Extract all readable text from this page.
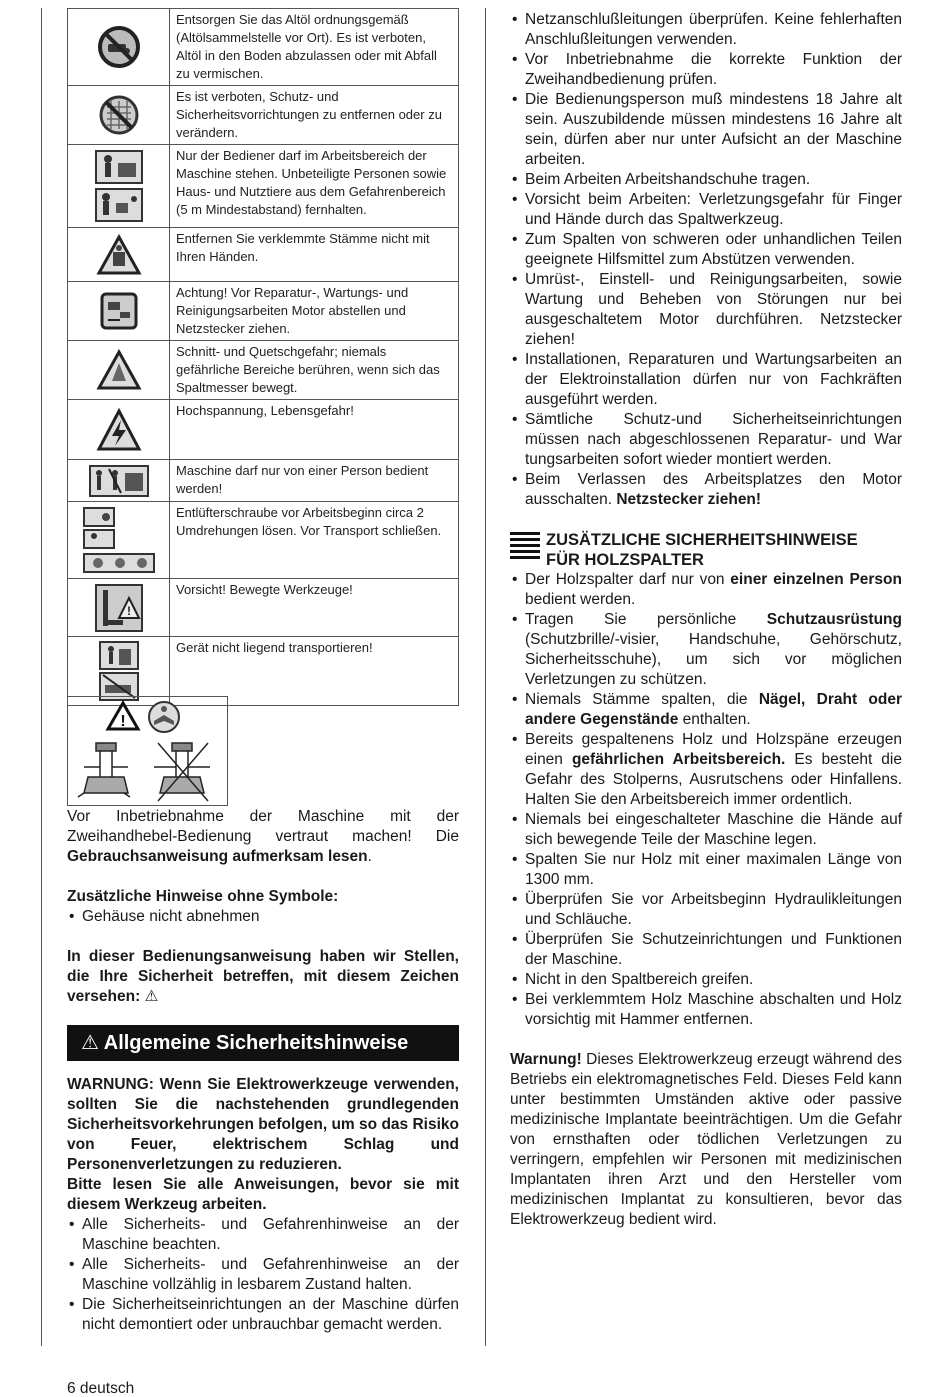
	Entsorgen Sie das Altöl ordnungsgemäß (Altölsammelstelle vor Ort). Es ist verboten, Altöl in den Boden abzulassen oder mit Abfall zu vermischen.

	Es ist verboten, Schutz- und Sicherheitsvorrichtungen zu entfernen oder zu verändern.

	Nur der Bediener darf im Arbeitsbereich der Maschine stehen. Unbeteiligte Personen sowie Haus- und Nutztiere aus dem Gefahrenbereich (5 m Mindestabstand) fernhalten.

	Entfernen Sie verklemmte Stämme nicht mit Ihren Händen.

	Achtung! Vor Reparatur-, Wartungs- und Reinigungsarbeiten Motor abstellen und Netzstecker ziehen.

	Schnitt- und Quetschgefahr; niemals gefährliche Bereiche berühren, wenn sich das Spaltmesser bewegt.

	Hochspannung, Lebensgefahr!

	Maschine darf nur von einer Person bedient werden!

	Entlüfterschraube vor Arbeitsbeginn circa 2 Umdrehungen lösen. Vor Transport schließen.

!	Vorsicht! Bewegte Werkzeuge!

	Gerät nicht liegend transportieren!
!

Vor Inbetriebnahme der Maschine mit der Zweihandhebel-Bedienung vertraut machen! Die Gebrauchsanweisung aufmerksam lesen.

Zusätzliche Hinweise ohne Symbole:

• Gehäuse nicht abnehmen

In dieser Bedienungsanweisung haben wir Stellen, die Ihre Sicherheit betreffen, mit diesem Zeichen versehen: ⚠

⚠ Allgemeine Sicherheitshinweise

WARNUNG: Wenn Sie Elektrowerkzeuge verwenden, sollten Sie die nachstehenden grundlegenden Sicherheitsvorkehrungen befolgen, um so das Risiko von Feuer, elektrischem Schlag und Personenverletzungen zu reduzieren.

Bitte lesen Sie alle Anweisungen, bevor sie mit diesem Werkzeug arbeiten.

• Alle Sicherheits- und Gefahrenhinweise an der Maschine beachten.
• Alle Sicherheits- und Gefahrenhinweise an der Maschine vollzählig in lesbarem Zustand halten.
• Die Sicherheitseinrichtungen an der Maschine dürfen nicht demontiert oder unbrauchbar gemacht werden.
• Netzanschlußleitungen überprüfen. Keine fehlerhaften Anschlußleitungen verwenden.
• Vor Inbetriebnahme die korrekte Funktion der Zweihandbedienung prüfen.
• Die Bedienungsperson muß mindestens 18 Jahre alt sein. Auszubildende müssen mindestens 16 Jahre alt sein, dürfen aber nur unter Aufsicht an der Maschine arbeiten.
• Beim Arbeiten Arbeitshandschuhe tragen.
• Vorsicht beim Arbeiten: Verletzungsgefahr für Finger und Hände durch das Spaltwerkzeug.
• Zum Spalten von schweren oder unhandlichen Teilen geeignete Hilfsmittel zum Abstützen verwenden.
• Umrüst-, Einstell- und Reinigungsarbeiten, sowie Wartung und Beheben von Störungen nur bei ausgeschaltetem Motor durchführen. Netzstecker ziehen!
• Installationen, Reparaturen und Wartungsarbeiten an der Elektroinstallation dürfen nur von Fachkräften ausgeführt werden.
• Sämtliche Schutz-und Sicherheitseinrichtungen müssen nach abgeschlossenen Reparatur- und War tungsarbeiten sofort wieder montiert werden.
• Beim Verlassen des Arbeitsplatzes den Motor ausschalten. Netzstecker ziehen!
ZUSÄTZLICHE SICHERHEITSHINWEISE
FÜR HOLZSPALTER
• Der Holzspalter darf nur von einer einzelnen Person bedient werden.
• Tragen Sie persönliche Schutzausrüstung (Schutzbrille/-visier, Handschuhe, Gehörschutz, Sicherheitsschuhe), um sich vor möglichen Verletzungen zu schützen.
• Niemals Stämme spalten, die Nägel, Draht oder andere Gegenstände enthalten.
• Bereits gespaltenens Holz und Holzspäne erzeugen einen gefährlichen Arbeitsbereich. Es besteht die Gefahr des Stolperns, Ausrutschens oder Hinfallens. Halten Sie den Arbeitsbereich immer ordentlich.
• Niemals bei eingeschalteter Maschine die Hände auf sich bewegende Teile der Maschine legen.
• Spalten Sie nur Holz mit einer maximalen Länge von 1300 mm.
• Überprüfen Sie vor Arbeitsbeginn Hydraulikleitungen und Schläuche.
• Überprüfen Sie Schutzeinrichtungen und Funktionen der Maschine.
• Nicht in den Spaltbereich greifen.
• Bei verklemmtem Holz Maschine abschalten und Holz vorsichtig mit Hammer entfernen.

Warnung! Dieses Elektrowerkzeug erzeugt während des Betriebs ein elektromagnetisches Feld. Dieses Feld kann unter bestimmten Umständen aktive oder passive medizinische Implantate beeinträchtigen. Um die Gefahr von ernsthaften oder tödlichen Verletzungen zu verringern, empfehlen wir Personen mit medizinischen Implantaten ihren Arzt und den Hersteller vom medizinischen Implantat zu konsultieren, bevor das Elektrowerkzeug bedient wird.

6 deutsch
